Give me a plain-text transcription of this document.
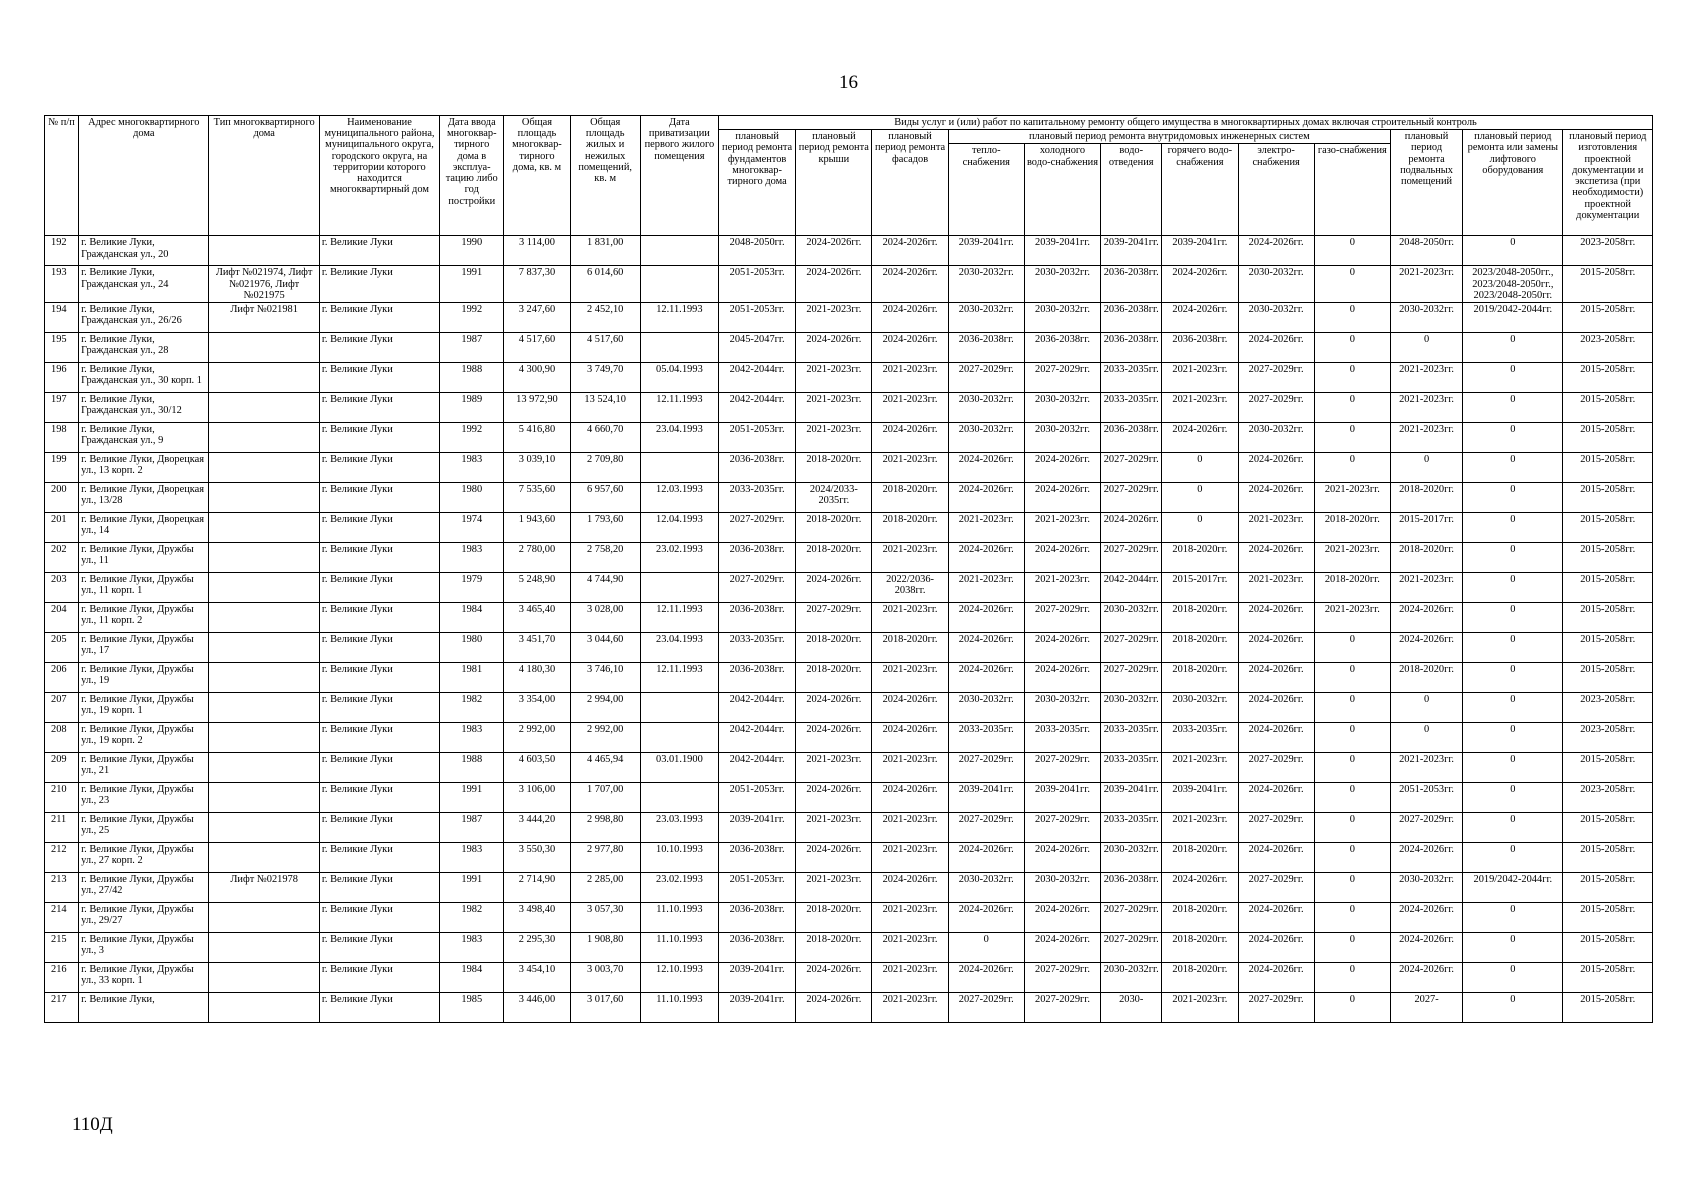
16
№ п/п	Адрес многоквартирного дома	Тип многоквартирного дома	Наименование муниципального района, муниципального округа, городского округа, на территории которого находится многоквартирный дом	Дата ввода многоквар-тирного дома в эксплуа-тацию либо год постройки	Общая площадь многоквар-тирного дома, кв. м	Общая площадь жилых и нежилых помещений, кв. м	Дата приватизации первого жилого помещения	Виды услуг и (или) работ по капитальному ремонту общего имущества в многоквартирных домах включая строительный контроль											
								плановый период ремонта фундаментов многоквар-тирного дома	плановый период ремонта крыши	плановый период ремонта фасадов	плановый период ремонта внутридомовых инженерных систем						плановый период ремонта подвальных помещений	плановый период ремонта или замены лифтового оборудования	плановый период изготовления проектной документации и экспетиза (при необходимости) проектной документации
											тепло-снабжения	холодного водо-снабжения	водо-отведения	горячего водо-снабжения	электро-снабжения	газо-снабжения			
192	г. Великие Луки, Гражданская ул., 20		г. Великие Луки	1990	3 114,00	1 831,00		2048-2050гг.	2024-2026гг.	2024-2026гг.	2039-2041гг.	2039-2041гг.	2039-2041гг.	2039-2041гг.	2024-2026гг.	0	2048-2050гг.	0	2023-2058гг.
193	г. Великие Луки, Гражданская ул., 24	Лифт №021974, Лифт №021976, Лифт №021975	г. Великие Луки	1991	7 837,30	6 014,60		2051-2053гг.	2024-2026гг.	2024-2026гг.	2030-2032гг.	2030-2032гг.	2036-2038гг.	2024-2026гг.	2030-2032гг.	0	2021-2023гг.	2023/2048-2050гг., 2023/2048-2050гг., 2023/2048-2050гг.	2015-2058гг.
194	г. Великие Луки, Гражданская ул., 26/26	Лифт №021981	г. Великие Луки	1992	3 247,60	2 452,10	12.11.1993	2051-2053гг.	2021-2023гг.	2024-2026гг.	2030-2032гг.	2030-2032гг.	2036-2038гг.	2024-2026гг.	2030-2032гг.	0	2030-2032гг.	2019/2042-2044гг.	2015-2058гг.
195	г. Великие Луки, Гражданская ул., 28		г. Великие Луки	1987	4 517,60	4 517,60		2045-2047гг.	2024-2026гг.	2024-2026гг.	2036-2038гг.	2036-2038гг.	2036-2038гг.	2036-2038гг.	2024-2026гг.	0	0	0	2023-2058гг.
196	г. Великие Луки, Гражданская ул., 30 корп. 1		г. Великие Луки	1988	4 300,90	3 749,70	05.04.1993	2042-2044гг.	2021-2023гг.	2021-2023гг.	2027-2029гг.	2027-2029гг.	2033-2035гг.	2021-2023гг.	2027-2029гг.	0	2021-2023гг.	0	2015-2058гг.
197	г. Великие Луки, Гражданская ул., 30/12		г. Великие Луки	1989	13 972,90	13 524,10	12.11.1993	2042-2044гг.	2021-2023гг.	2021-2023гг.	2030-2032гг.	2030-2032гг.	2033-2035гг.	2021-2023гг.	2027-2029гг.	0	2021-2023гг.	0	2015-2058гг.
198	г. Великие Луки, Гражданская ул., 9		г. Великие Луки	1992	5 416,80	4 660,70	23.04.1993	2051-2053гг.	2021-2023гг.	2024-2026гг.	2030-2032гг.	2030-2032гг.	2036-2038гг.	2024-2026гг.	2030-2032гг.	0	2021-2023гг.	0	2015-2058гг.
199	г. Великие Луки, Дворецкая ул., 13 корп. 2		г. Великие Луки	1983	3 039,10	2 709,80		2036-2038гг.	2018-2020гг.	2021-2023гг.	2024-2026гг.	2024-2026гг.	2027-2029гг.	0	2024-2026гг.	0	0	0	2015-2058гг.
200	г. Великие Луки, Дворецкая ул., 13/28		г. Великие Луки	1980	7 535,60	6 957,60	12.03.1993	2033-2035гг.	2024/2033-2035гг.	2018-2020гг.	2024-2026гг.	2024-2026гг.	2027-2029гг.	0	2024-2026гг.	2021-2023гг.	2018-2020гг.	0	2015-2058гг.
201	г. Великие Луки, Дворецкая ул., 14		г. Великие Луки	1974	1 943,60	1 793,60	12.04.1993	2027-2029гг.	2018-2020гг.	2018-2020гг.	2021-2023гг.	2021-2023гг.	2024-2026гг.	0	2021-2023гг.	2018-2020гг.	2015-2017гг.	0	2015-2058гг.
202	г. Великие Луки, Дружбы ул., 11		г. Великие Луки	1983	2 780,00	2 758,20	23.02.1993	2036-2038гг.	2018-2020гг.	2021-2023гг.	2024-2026гг.	2024-2026гг.	2027-2029гг.	2018-2020гг.	2024-2026гг.	2021-2023гг.	2018-2020гг.	0	2015-2058гг.
203	г. Великие Луки, Дружбы ул., 11 корп. 1		г. Великие Луки	1979	5 248,90	4 744,90		2027-2029гг.	2024-2026гг.	2022/2036-2038гг.	2021-2023гг.	2021-2023гг.	2042-2044гг.	2015-2017гг.	2021-2023гг.	2018-2020гг.	2021-2023гг.	0	2015-2058гг.
204	г. Великие Луки, Дружбы ул., 11 корп. 2		г. Великие Луки	1984	3 465,40	3 028,00	12.11.1993	2036-2038гг.	2027-2029гг.	2021-2023гг.	2024-2026гг.	2027-2029гг.	2030-2032гг.	2018-2020гг.	2024-2026гг.	2021-2023гг.	2024-2026гг.	0	2015-2058гг.
205	г. Великие Луки, Дружбы ул., 17		г. Великие Луки	1980	3 451,70	3 044,60	23.04.1993	2033-2035гг.	2018-2020гг.	2018-2020гг.	2024-2026гг.	2024-2026гг.	2027-2029гг.	2018-2020гг.	2024-2026гг.	0	2024-2026гг.	0	2015-2058гг.
206	г. Великие Луки, Дружбы ул., 19		г. Великие Луки	1981	4 180,30	3 746,10	12.11.1993	2036-2038гг.	2018-2020гг.	2021-2023гг.	2024-2026гг.	2024-2026гг.	2027-2029гг.	2018-2020гг.	2024-2026гг.	0	2018-2020гг.	0	2015-2058гг.
207	г. Великие Луки, Дружбы ул., 19 корп. 1		г. Великие Луки	1982	3 354,00	2 994,00		2042-2044гг.	2024-2026гг.	2024-2026гг.	2030-2032гг.	2030-2032гг.	2030-2032гг.	2030-2032гг.	2024-2026гг.	0	0	0	2023-2058гг.
208	г. Великие Луки, Дружбы ул., 19 корп. 2		г. Великие Луки	1983	2 992,00	2 992,00		2042-2044гг.	2024-2026гг.	2024-2026гг.	2033-2035гг.	2033-2035гг.	2033-2035гг.	2033-2035гг.	2024-2026гг.	0	0	0	2023-2058гг.
209	г. Великие Луки, Дружбы ул., 21		г. Великие Луки	1988	4 603,50	4 465,94	03.01.1900	2042-2044гг.	2021-2023гг.	2021-2023гг.	2027-2029гг.	2027-2029гг.	2033-2035гг.	2021-2023гг.	2027-2029гг.	0	2021-2023гг.	0	2015-2058гг.
210	г. Великие Луки, Дружбы ул., 23		г. Великие Луки	1991	3 106,00	1 707,00		2051-2053гг.	2024-2026гг.	2024-2026гг.	2039-2041гг.	2039-2041гг.	2039-2041гг.	2039-2041гг.	2024-2026гг.	0	2051-2053гг.	0	2023-2058гг.
211	г. Великие Луки, Дружбы ул., 25		г. Великие Луки	1987	3 444,20	2 998,80	23.03.1993	2039-2041гг.	2021-2023гг.	2021-2023гг.	2027-2029гг.	2027-2029гг.	2033-2035гг.	2021-2023гг.	2027-2029гг.	0	2027-2029гг.	0	2015-2058гг.
212	г. Великие Луки, Дружбы ул., 27 корп. 2		г. Великие Луки	1983	3 550,30	2 977,80	10.10.1993	2036-2038гг.	2024-2026гг.	2021-2023гг.	2024-2026гг.	2024-2026гг.	2030-2032гг.	2018-2020гг.	2024-2026гг.	0	2024-2026гг.	0	2015-2058гг.
213	г. Великие Луки, Дружбы ул., 27/42	Лифт №021978	г. Великие Луки	1991	2 714,90	2 285,00	23.02.1993	2051-2053гг.	2021-2023гг.	2024-2026гг.	2030-2032гг.	2030-2032гг.	2036-2038гг.	2024-2026гг.	2027-2029гг.	0	2030-2032гг.	2019/2042-2044гг.	2015-2058гг.
214	г. Великие Луки, Дружбы ул., 29/27		г. Великие Луки	1982	3 498,40	3 057,30	11.10.1993	2036-2038гг.	2018-2020гг.	2021-2023гг.	2024-2026гг.	2024-2026гг.	2027-2029гг.	2018-2020гг.	2024-2026гг.	0	2024-2026гг.	0	2015-2058гг.
215	г. Великие Луки, Дружбы ул., 3		г. Великие Луки	1983	2 295,30	1 908,80	11.10.1993	2036-2038гг.	2018-2020гг.	2021-2023гг.	0	2024-2026гг.	2027-2029гг.	2018-2020гг.	2024-2026гг.	0	2024-2026гг.	0	2015-2058гг.
216	г. Великие Луки, Дружбы ул., 33 корп. 1		г. Великие Луки	1984	3 454,10	3 003,70	12.10.1993	2039-2041гг.	2024-2026гг.	2021-2023гг.	2024-2026гг.	2027-2029гг.	2030-2032гг.	2018-2020гг.	2024-2026гг.	0	2024-2026гг.	0	2015-2058гг.
217	г. Великие Луки,		г. Великие Луки	1985	3 446,00	3 017,60	11.10.1993	2039-2041гг.	2024-2026гг.	2021-2023гг.	2027-2029гг.	2027-2029гг.	2030-	2021-2023гг.	2027-2029гг.	0	2027-	0	2015-2058гг.
110Д
